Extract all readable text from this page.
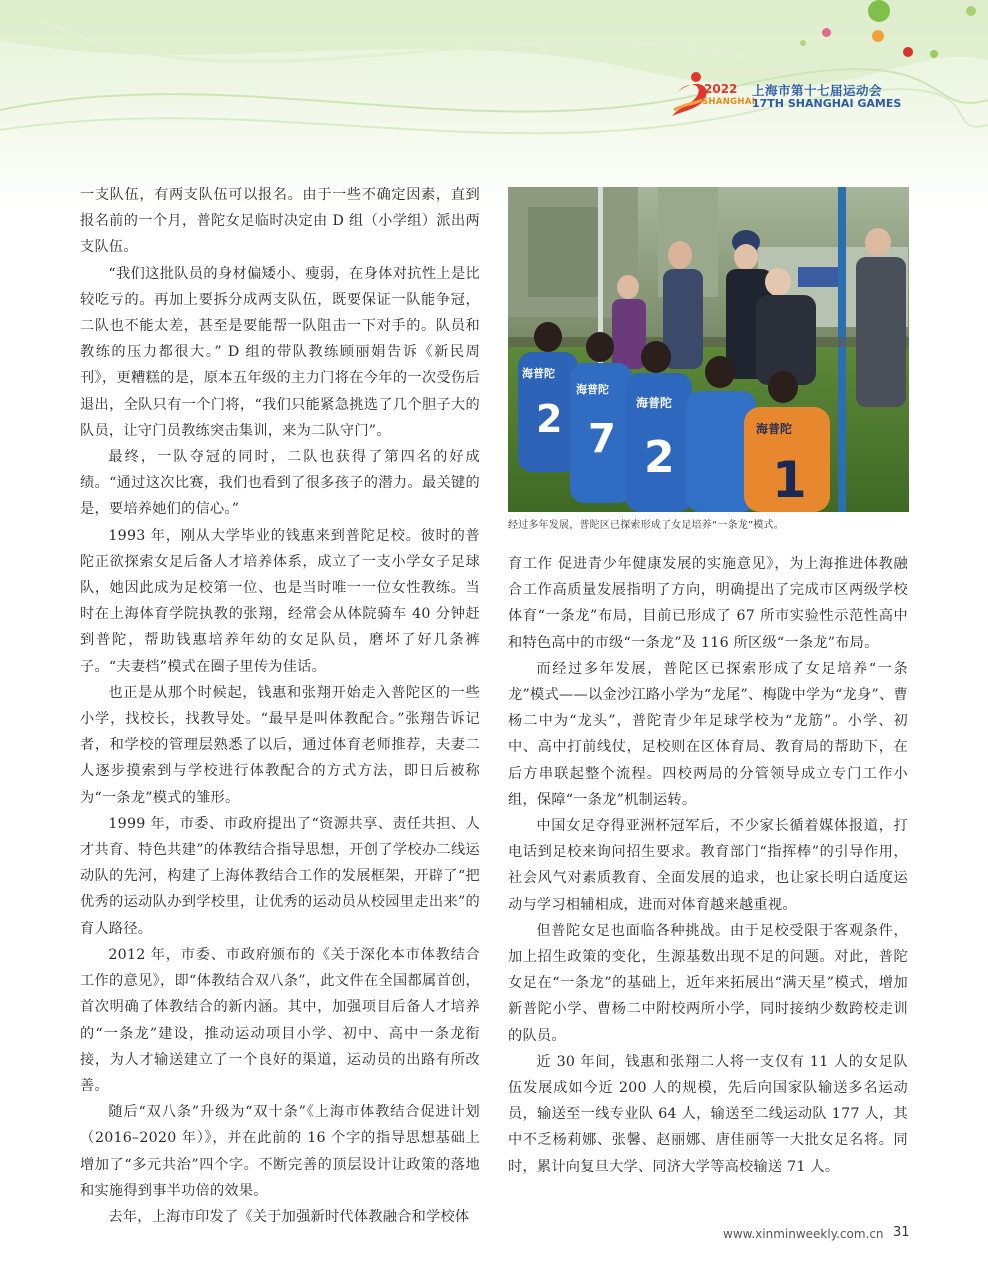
2022
SHANGHAI
上海市第十七届运动会
17TH SHANGHAI GAMES

一支队伍，有两支队伍可以报名。由于一些不确定因素，直到报名前的一个月，普陀女足临时决定由 D 组（小学组）派出两支队伍。

“我们这批队员的身材偏矮小、瘦弱，在身体对抗性上是比较吃亏的。再加上要拆分成两支队伍，既要保证一队能争冠，二队也不能太差，甚至是要能帮一队阻击一下对手的。队员和教练的压力都很大。” D 组的带队教练顾丽娟告诉《新民周刊》，更糟糕的是，原本五年级的主力门将在今年的一次受伤后退出，全队只有一个门将，“我们只能紧急挑选了几个胆子大的队员，让守门员教练突击集训，来为二队守门”。

最终，一队夺冠的同时，二队也获得了第四名的好成绩。“通过这次比赛，我们也看到了很多孩子的潜力。最关键的是，要培养她们的信心。”

1993 年，刚从大学毕业的钱惠来到普陀足校。彼时的普陀正欲探索女足后备人才培养体系，成立了一支小学女子足球队，她因此成为足校第一位、也是当时唯一一位女性教练。当时在上海体育学院执教的张翔，经常会从体院骑车 40 分钟赶到普陀，帮助钱惠培养年幼的女足队员，磨坏了好几条裤子。“夫妻档”模式在圈子里传为佳话。

也正是从那个时候起，钱惠和张翔开始走入普陀区的一些小学，找校长，找教导处。“最早是叫体教配合。”张翔告诉记者，和学校的管理层熟悉了以后，通过体育老师推荐，夫妻二人逐步摸索到与学校进行体教配合的方式方法，即日后被称为“一条龙”模式的雏形。

1999 年，市委、市政府提出了“资源共享、责任共担、人才共育、特色共建”的体教结合指导思想，开创了学校办二线运动队的先河，构建了上海体教结合工作的发展框架，开辟了“把优秀的运动队办到学校里，让优秀的运动员从校园里走出来”的育人路径。

2012 年，市委、市政府颁布的《关于深化本市体教结合工作的意见》，即“体教结合双八条”，此文件在全国都属首创，首次明确了体教结合的新内涵。其中，加强项目后备人才培养的“一条龙”建设，推动运动项目小学、初中、高中一条龙衔接，为人才输送建立了一个良好的渠道，运动员的出路有所改善。

随后“双八条”升级为“双十条”《上海市体教结合促进计划（2016–2020 年）》，并在此前的 16 个字的指导思想基础上增加了“多元共治”四个字。不断完善的顶层设计让政策的落地和实施得到事半功倍的效果。

去年，上海市印发了《关于加强新时代体教融合和学校体

海普陀
2
海普陀
7
海普陀
2
海普陀
1
经过多年发展，普陀区已探索形成了女足培养“一条龙”模式。

育工作 促进青少年健康发展的实施意见》，为上海推进体教融合工作高质量发展指明了方向，明确提出了完成市区两级学校体育“一条龙”布局，目前已形成了 67 所市实验性示范性高中和特色高中的市级“一条龙”及 116 所区级“一条龙”布局。

而经过多年发展，普陀区已探索形成了女足培养“一条龙”模式——以金沙江路小学为“龙尾”、梅陇中学为“龙身”、曹杨二中为“龙头”，普陀青少年足球学校为“龙筋”。小学、初中、高中打前线仗，足校则在区体育局、教育局的帮助下，在后方串联起整个流程。四校两局的分管领导成立专门工作小组，保障“一条龙”机制运转。

中国女足夺得亚洲杯冠军后，不少家长循着媒体报道，打电话到足校来询问招生要求。教育部门“指挥棒”的引导作用，社会风气对素质教育、全面发展的追求，也让家长明白适度运动与学习相辅相成，进而对体育越来越重视。

但普陀女足也面临各种挑战。由于足校受限于客观条件，加上招生政策的变化，生源基数出现不足的问题。对此，普陀女足在“一条龙”的基础上，近年来拓展出“满天星”模式，增加新普陀小学、曹杨二中附校两所小学，同时接纳少数跨校走训的队员。

近 30 年间，钱惠和张翔二人将一支仅有 11 人的女足队伍发展成如今近 200 人的规模，先后向国家队输送多名运动员，输送至一线专业队 64 人，输送至二线运动队 177 人，其中不乏杨莉娜、张馨、赵丽娜、唐佳丽等一大批女足名将。同时，累计向复旦大学、同济大学等高校输送 71 人。

www.xinminweekly.com.cn 31
